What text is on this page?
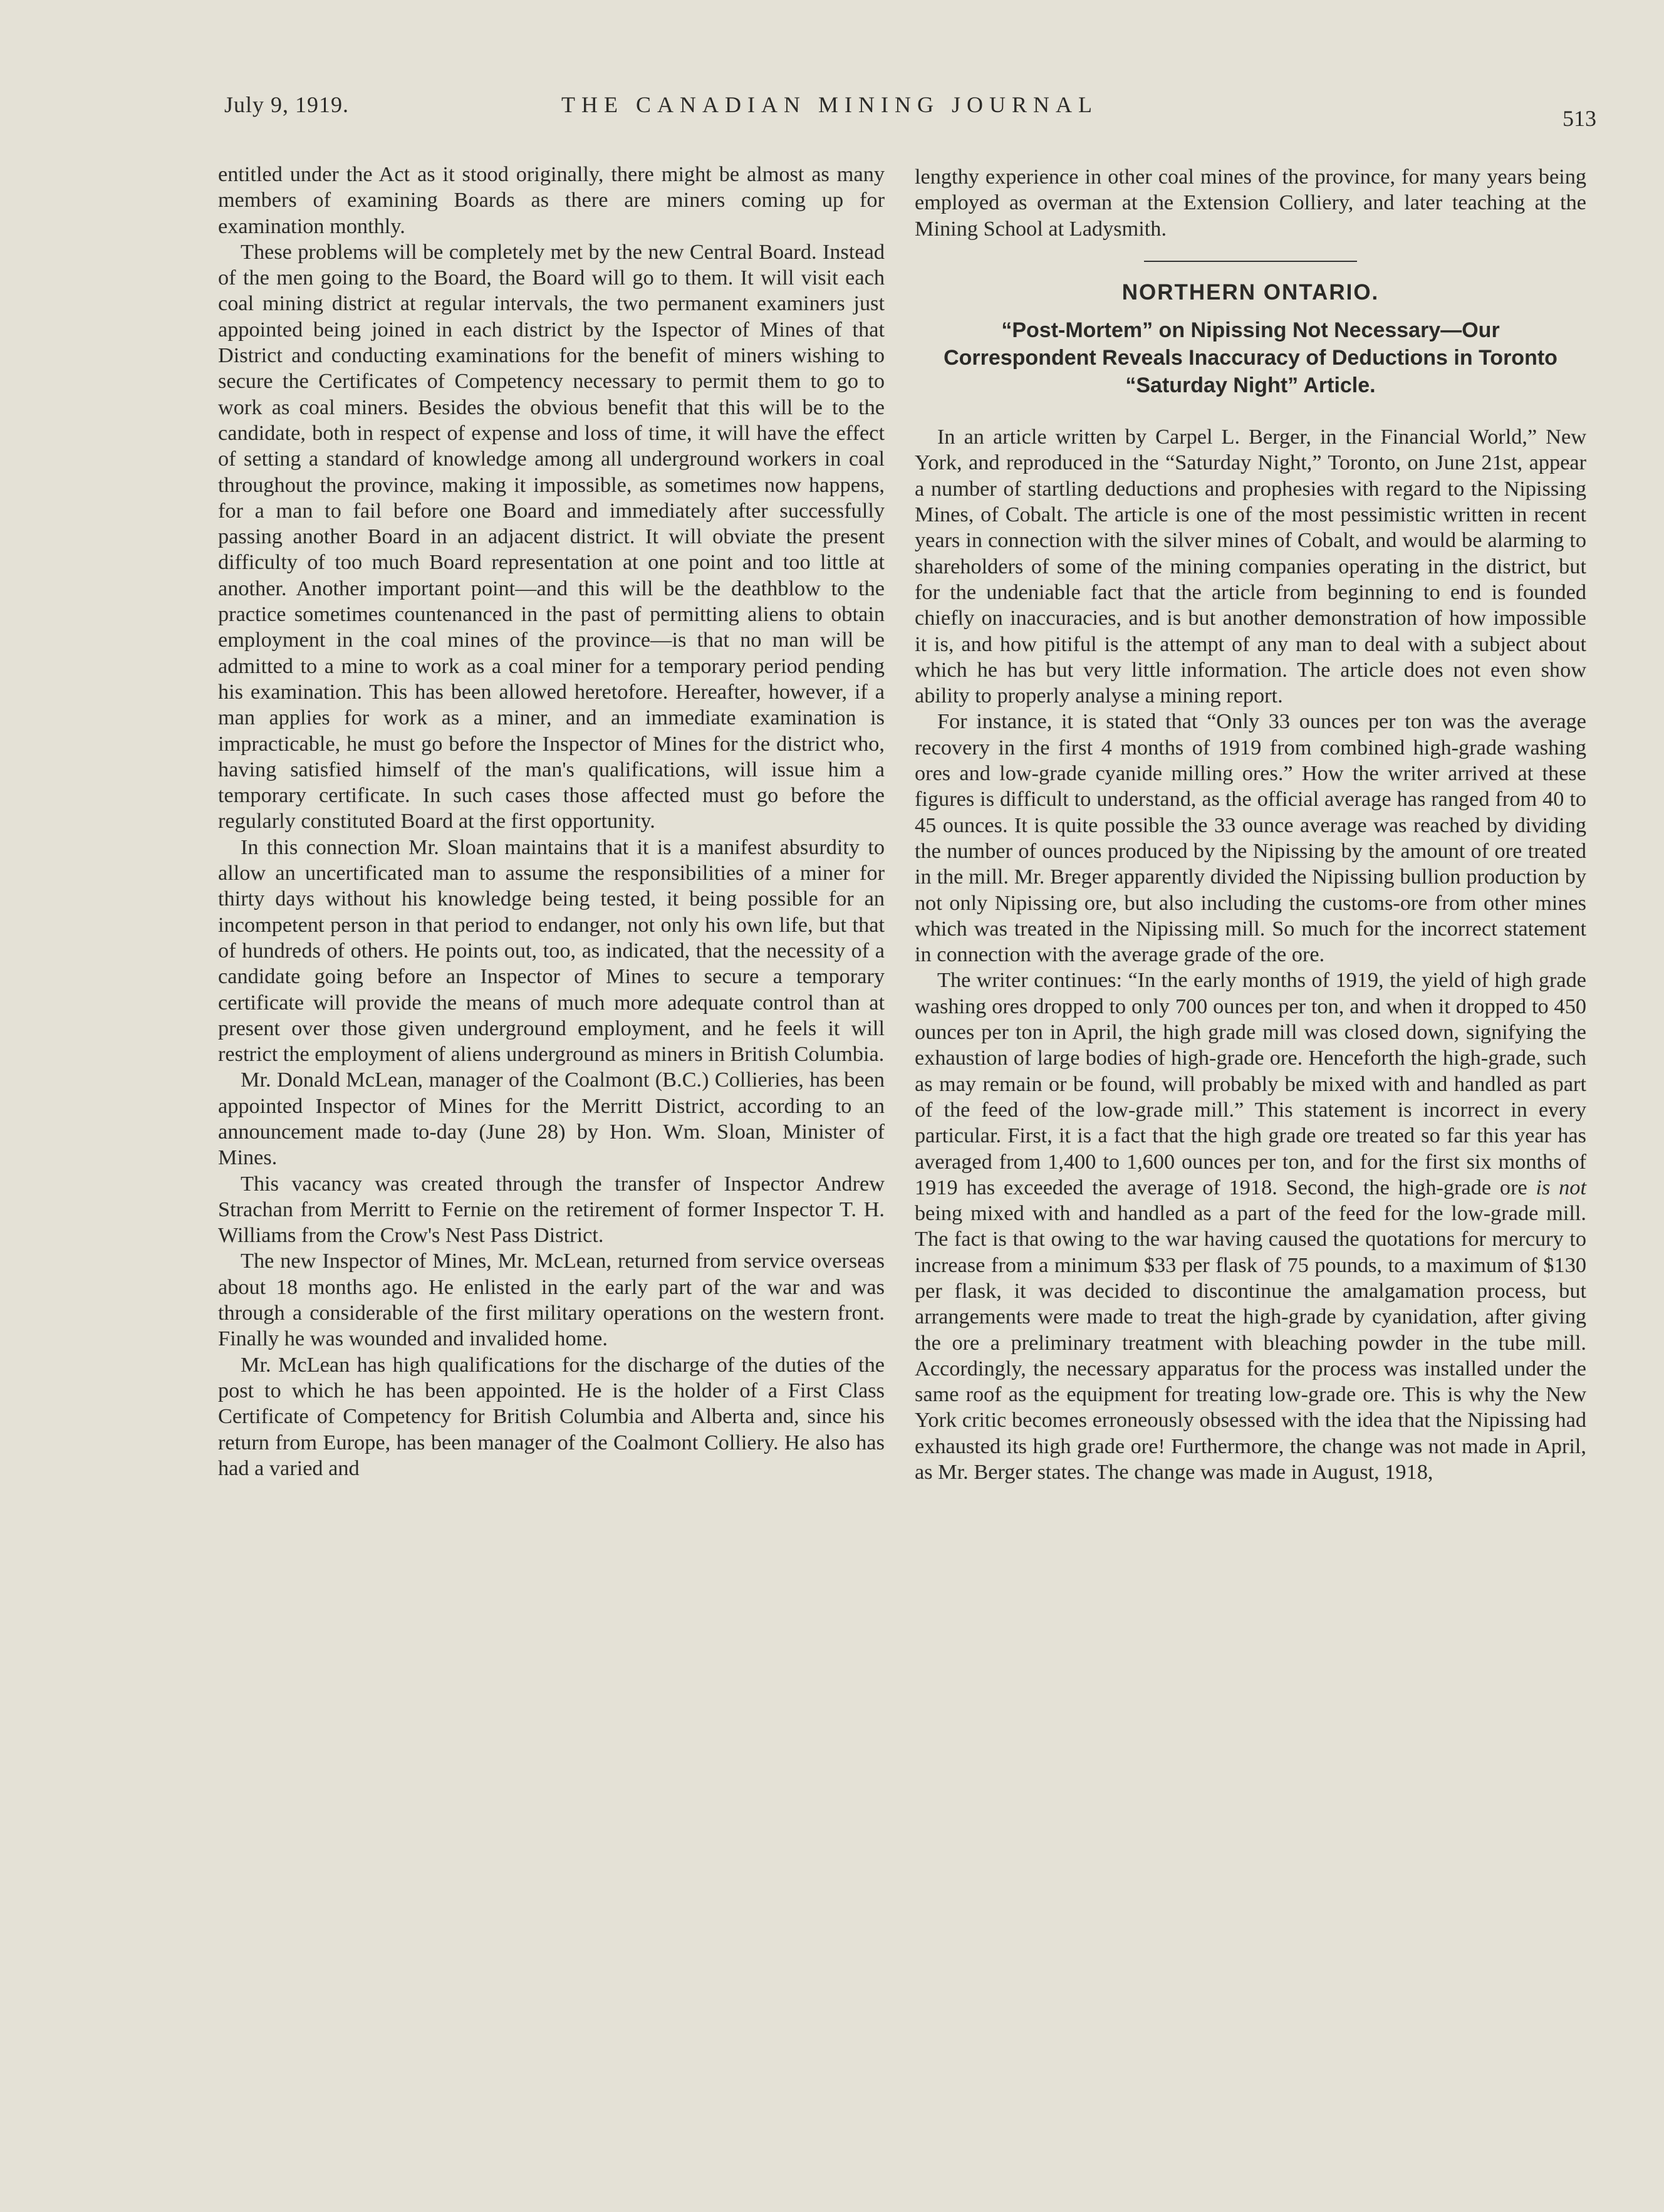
July 9, 1919.	THE CANADIAN MINING JOURNAL
513

entitled under the Act as it stood originally, there might be almost as many members of examining Boards as there are miners coming up for examination monthly.

These problems will be completely met by the new Central Board. Instead of the men going to the Board, the Board will go to them. It will visit each coal mining district at regular intervals, the two permanent examiners just appointed being joined in each district by the Ispector of Mines of that District and conducting examinations for the benefit of miners wishing to secure the Certificates of Competency necessary to permit them to go to work as coal miners. Besides the obvious benefit that this will be to the candidate, both in respect of expense and loss of time, it will have the effect of setting a standard of knowledge among all underground workers in coal throughout the province, making it impossible, as sometimes now happens, for a man to fail before one Board and immediately after successfully passing another Board in an adjacent district. It will obviate the present difficulty of too much Board representation at one point and too little at another. Another important point—and this will be the deathblow to the practice sometimes countenanced in the past of permitting aliens to obtain employment in the coal mines of the province—is that no man will be admitted to a mine to work as a coal miner for a temporary period pending his examination. This has been allowed heretofore. Hereafter, however, if a man applies for work as a miner, and an immediate examination is impracticable, he must go before the Inspector of Mines for the district who, having satisfied himself of the man's qualifications, will issue him a temporary certificate. In such cases those affected must go before the regularly constituted Board at the first opportunity.

In this connection Mr. Sloan maintains that it is a manifest absurdity to allow an uncertificated man to assume the responsibilities of a miner for thirty days without his knowledge being tested, it being possible for an incompetent person in that period to endanger, not only his own life, but that of hundreds of others. He points out, too, as indicated, that the necessity of a candidate going before an Inspector of Mines to secure a temporary certificate will provide the means of much more adequate control than at present over those given underground employment, and he feels it will restrict the employment of aliens underground as miners in British Columbia.

Mr. Donald McLean, manager of the Coalmont (B.C.) Collieries, has been appointed Inspector of Mines for the Merritt District, according to an announcement made to-day (June 28) by Hon. Wm. Sloan, Minister of Mines.

This vacancy was created through the transfer of Inspector Andrew Strachan from Merritt to Fernie on the retirement of former Inspector T. H. Williams from the Crow's Nest Pass District.

The new Inspector of Mines, Mr. McLean, returned from service overseas about 18 months ago. He enlisted in the early part of the war and was through a considerable of the first military operations on the western front. Finally he was wounded and invalided home.

Mr. McLean has high qualifications for the discharge of the duties of the post to which he has been appointed. He is the holder of a First Class Certificate of Competency for British Columbia and Alberta and, since his return from Europe, has been manager of the Coalmont Colliery. He also has had a varied and

lengthy experience in other coal mines of the province, for many years being employed as overman at the Extension Colliery, and later teaching at the Mining School at Ladysmith.

NORTHERN ONTARIO.
“Post-Mortem” on Nipissing Not Necessary—Our Correspondent Reveals Inaccuracy of Deductions in Toronto “Saturday Night” Article.

In an article written by Carpel L. Berger, in the Financial World,” New York, and reproduced in the “Saturday Night,” Toronto, on June 21st, appear a number of startling deductions and prophesies with regard to the Nipissing Mines, of Cobalt. The article is one of the most pessimistic written in recent years in connection with the silver mines of Cobalt, and would be alarming to shareholders of some of the mining companies operating in the district, but for the undeniable fact that the article from beginning to end is founded chiefly on inaccuracies, and is but another demonstration of how impossible it is, and how pitiful is the attempt of any man to deal with a subject about which he has but very little information. The article does not even show ability to properly analyse a mining report.

For instance, it is stated that “Only 33 ounces per ton was the average recovery in the first 4 months of 1919 from combined high-grade washing ores and low-grade cyanide milling ores.” How the writer arrived at these figures is difficult to understand, as the official average has ranged from 40 to 45 ounces. It is quite possible the 33 ounce average was reached by dividing the number of ounces produced by the Nipissing by the amount of ore treated in the mill. Mr. Breger apparently divided the Nipissing bullion production by not only Nipissing ore, but also including the customs-ore from other mines which was treated in the Nipissing mill. So much for the incorrect statement in connection with the average grade of the ore.

The writer continues: “In the early months of 1919, the yield of high grade washing ores dropped to only 700 ounces per ton, and when it dropped to 450 ounces per ton in April, the high grade mill was closed down, signifying the exhaustion of large bodies of high-grade ore. Henceforth the high-grade, such as may remain or be found, will probably be mixed with and handled as part of the feed of the low-grade mill.” This statement is incorrect in every particular. First, it is a fact that the high grade ore treated so far this year has averaged from 1,400 to 1,600 ounces per ton, and for the first six months of 1919 has exceeded the average of 1918. Second, the high-grade ore is not being mixed with and handled as a part of the feed for the low-grade mill. The fact is that owing to the war having caused the quotations for mercury to increase from a minimum $33 per flask of 75 pounds, to a maximum of $130 per flask, it was decided to discontinue the amalgamation process, but arrangements were made to treat the high-grade by cyanidation, after giving the ore a preliminary treatment with bleaching powder in the tube mill. Accordingly, the necessary apparatus for the process was installed under the same roof as the equipment for treating low-grade ore. This is why the New York critic becomes erroneously obsessed with the idea that the Nipissing had exhausted its high grade ore! Furthermore, the change was not made in April, as Mr. Berger states. The change was made in August, 1918,
